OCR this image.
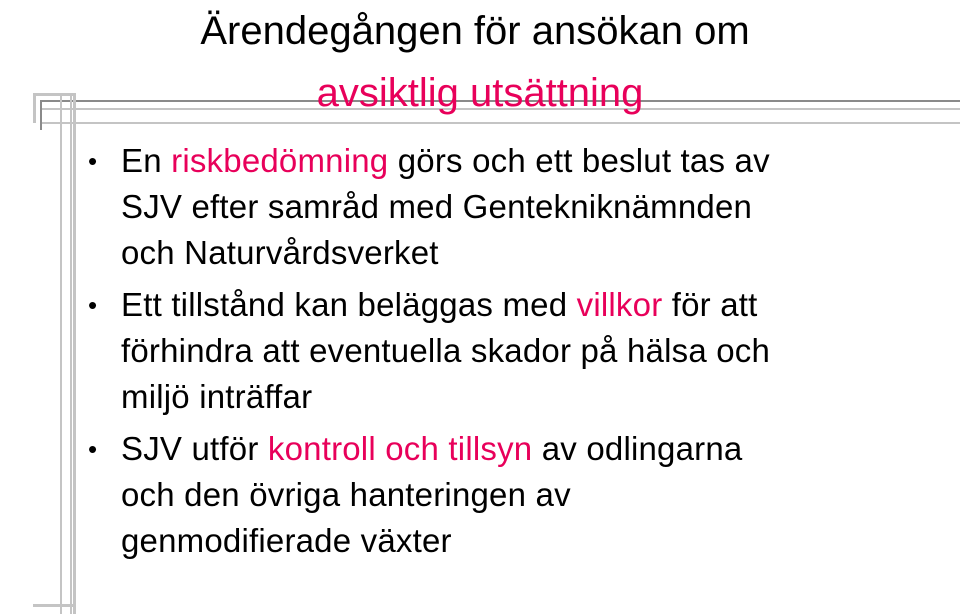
Ärendegången för ansökan om
avsiktlig utsättning
• En riskbedömning görs och ett beslut tas av
SJV efter samråd med Gentekniknämnden
och Naturvårdsverket
• Ett tillstånd kan beläggas med villkor för att
förhindra att eventuella skador på hälsa och
miljö inträffar
• SJV utför kontroll och tillsyn av odlingarna
och den övriga hanteringen av
genmodifierade växter
